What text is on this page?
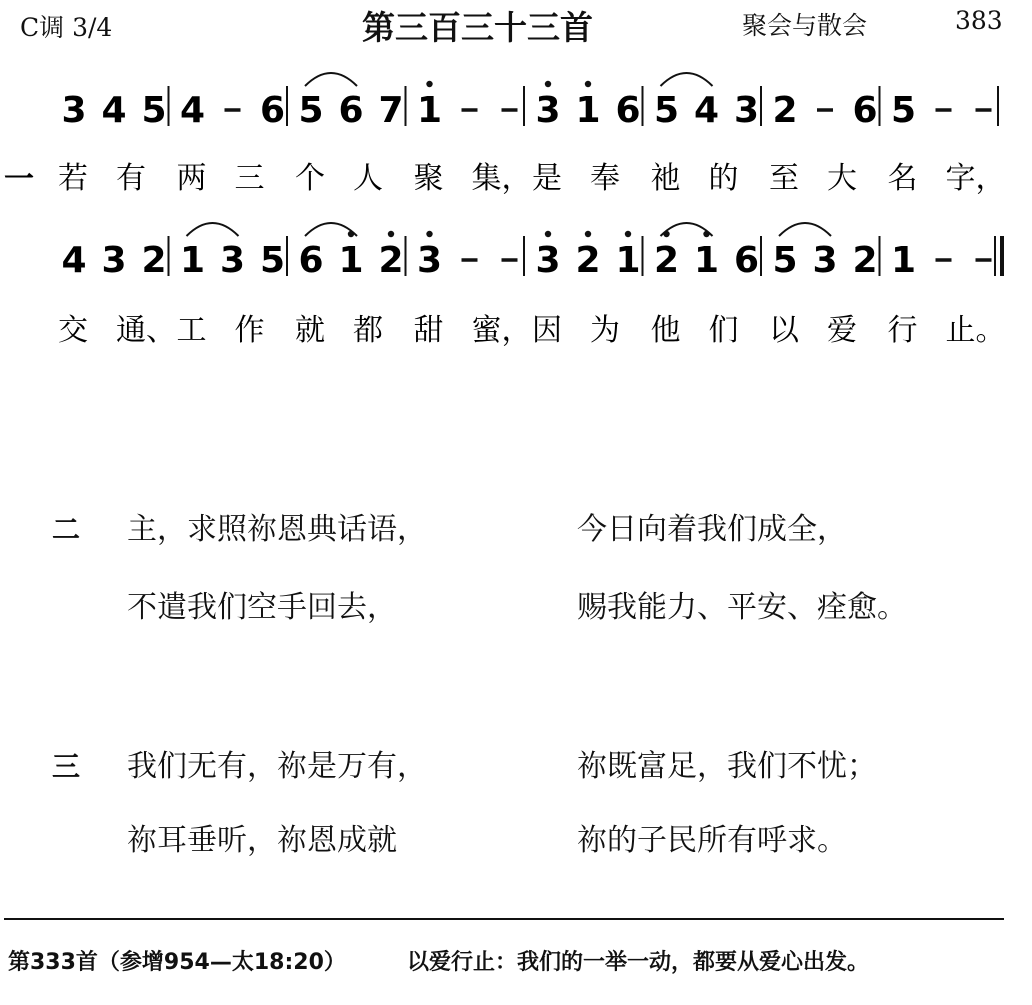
C调 3/4	第三百三十三首	聚会与散会	383
一
3 4 5 4 6 5 6 7 1	3 1 6 5 4 3 2 6 5
若 有 两 三 个 人 聚 集， 是 奉 祂 的 至 大 名 字，
4 3 2 1 3 5 6 1 2 3	3 2 1 2 1 6 5 3 2 1
交 通、 工 作 就 都 甜 蜜， 因 为 他 们 以 爱 行 止。
二 主，求照祢恩典话语，	今日向着我们成全，
不遣我们空手回去，	赐我能力、平安、痊愈。
三 我们无有，祢是万有，	祢既富足，我们不忧；
祢耳垂听，祢恩成就	祢的子民所有呼求。
第333首（参增954—太18:20）	以爱行止：我们的一举一动，都要从爱心出发。
